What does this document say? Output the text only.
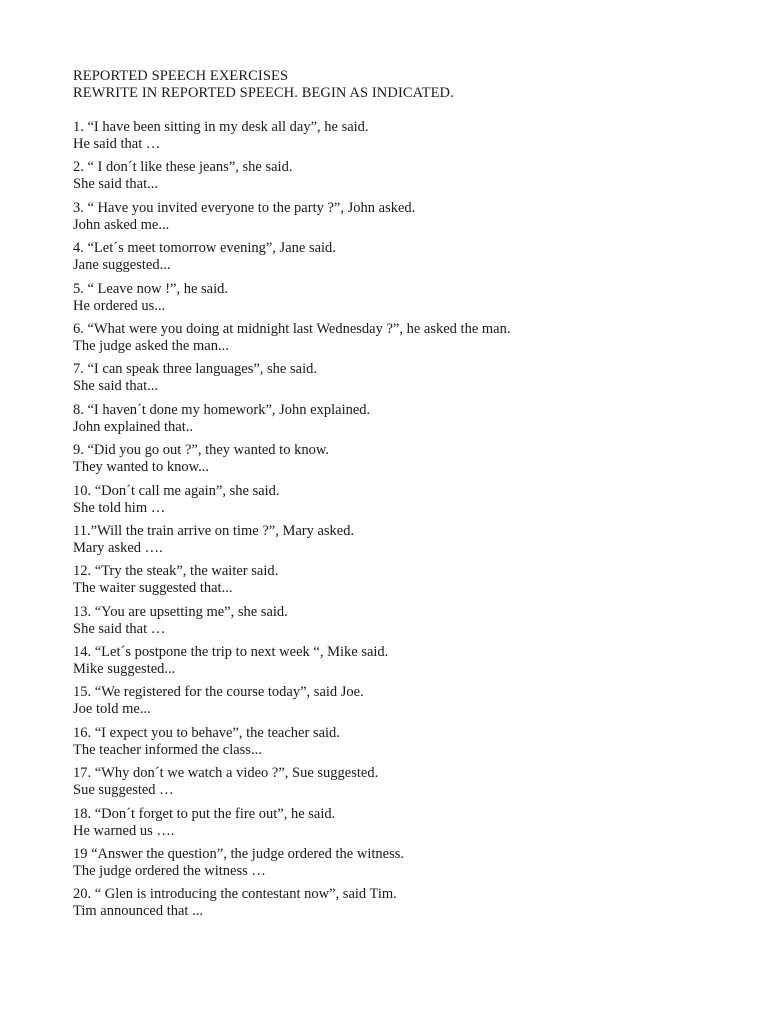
REPORTED SPEECH EXERCISES
REWRITE IN REPORTED SPEECH. BEGIN AS INDICATED.
1. “I have been sitting in my desk all day”, he said.
He said that …
2. “ I don´t like these jeans”, she said.
She said that...
3. “ Have you invited everyone to the party ?”, John asked.
John asked me...
4. “Let´s meet tomorrow evening”, Jane said.
Jane suggested...
5. “ Leave now !”, he said.
He ordered us...
6. “What were you doing at midnight last Wednesday ?”, he asked the man.
The judge asked the man...
7. “I can speak three languages”, she said.
She said that...
8. “I haven´t done my homework”, John explained.
John explained that..
9. “Did you go out ?”, they wanted to know.
They wanted to know...
10. “Don´t call me again”, she said.
She told him …
11.”Will the train arrive on time ?”, Mary asked.
Mary asked ….
12. “Try the steak”, the waiter said.
The waiter suggested that...
13. “You are upsetting me”, she said.
She said that …
14. “Let´s postpone the trip to next week “, Mike said.
Mike suggested...
15. “We registered for the course today”, said Joe.
Joe told me...
16. “I expect you to behave”, the teacher said.
The teacher informed the class...
17. “Why don´t we watch a video ?”, Sue suggested.
Sue suggested …
18. “Don´t forget to put the fire out”, he said.
He warned us ….
19 “Answer the question”, the judge ordered the witness.
The judge ordered the witness …
20. “ Glen is introducing the contestant now”, said Tim.
Tim announced that ...
